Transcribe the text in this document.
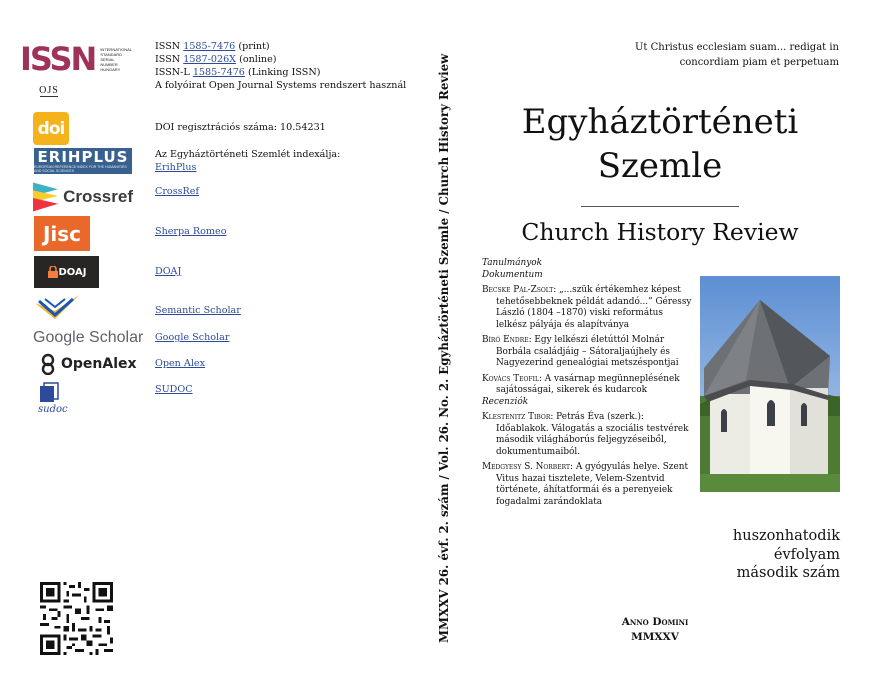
ISSN INTERNATIONAL
STANDARD
SERIAL
NUMBER
HUNGARY
OJS
doi
ERIHPLUS
EUROPEAN REFERENCE INDEX FOR THE HUMANITIES AND SOCIAL SCIENCES
Crossref
Jisc
DOAJ
Google Scholar
OpenAlex
sudoc
ISSN 1585-7476 (print)
ISSN 1587-026X (online)
ISSN-L 1585-7476 (Linking ISSN)
A folyóirat Open Journal Systems rendszert használ
DOI regisztrációs száma: 10.54231
Az Egyháztörténeti Szemlét indexálja:
ErihPlus
CrossRef
Sherpa Romeo
DOAJ
Semantic Scholar
Google Scholar
Open Alex
SUDOC	MMXXV 26. évf. 2. szám / Vol. 26. No. 2. Egyháztörténeti Szemle / Church History Review
Ut Christus ecclesiam suam... redigat in
concordiam piam et perpetuam
Egyháztörténeti
Szemle
Church History Review
Tanulmányok
Dokumentum
Becske Pál-Zsolt: „...szük értékemhez képest tehetősebbeknek példát adandó...” Géressy László (1804 –1870) viski református lelkész pályája és alapítványa
Bíró Endre: Egy lelkészi életúttól Molnár Borbála családjáig – Sátoraljaújhely és Nagyezerind genealógiai metszéspontjai
Kovács Teofil: A vasárnap megünneplésének sajátosságai, sikerek és kudarcok
Recenziók
Klestenitz Tibor: Petrás Éva (szerk.): Időablakok. Válogatás a szociális testvérek második világháborús feljegyzéseiből, dokumentumaiból.
Medgyesy S. Norbert: A gyógyulás helye. Szent Vitus hazai tisztelete, Velem-Szentvid története, áhítatformái és a perenyeiek fogadalmi zarándoklata
huszonhatodik
évfolyam
második szám
Anno Domini
MMXXV
